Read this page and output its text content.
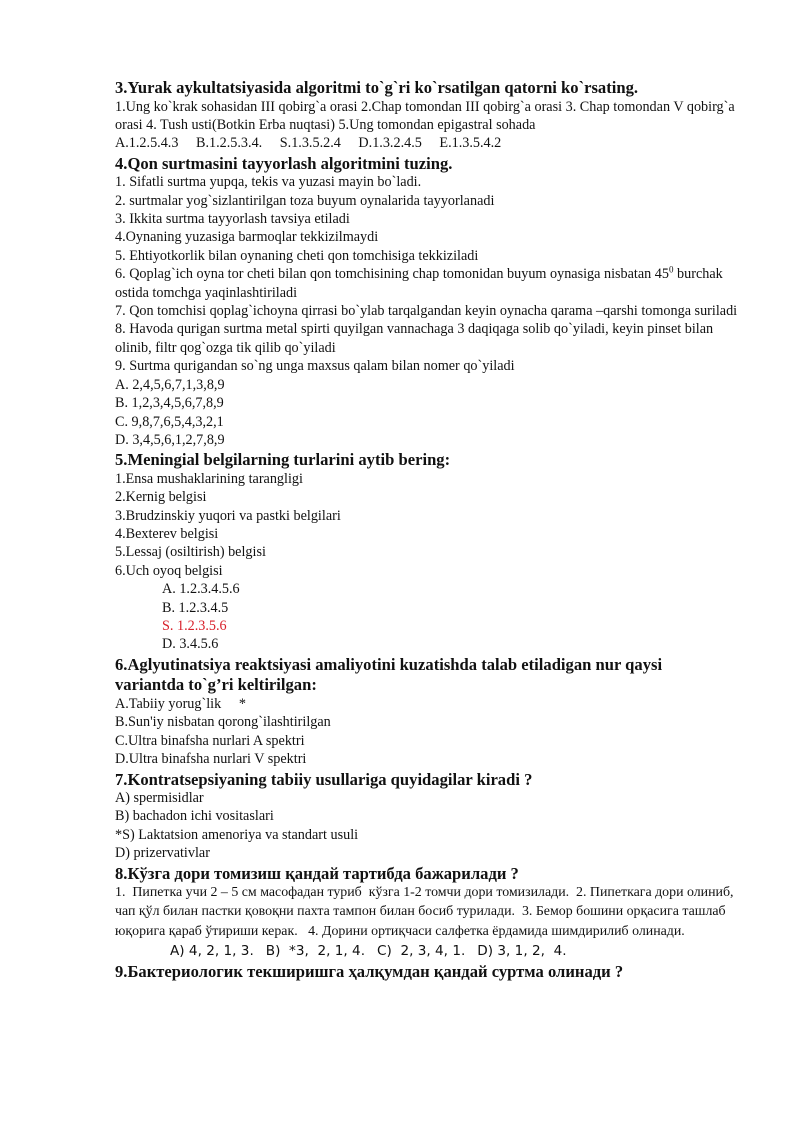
3.Yurak aykultatsiyasida algoritmi to`g`ri ko`rsatilgan qatorni ko`rsating.
1.Ung ko`krak sohasidan III qobirg`a orasi 2.Chap tomondan III qobirg`a orasi 3. Chap tomondan V qobirg`a orasi 4. Tush usti(Botkin Erba nuqtasi) 5.Ung tomondan epigastral sohada
A.1.2.5.4.3 B.1.2.5.3.4. S.1.3.5.2.4 D.1.3.2.4.5 E.1.3.5.4.2
4.Qon surtmasini tayyorlash algoritmini tuzing.
1. Sifatli surtma yupqa, tekis va yuzasi mayin bo`ladi.
2. surtmalar yog`sizlantirilgan toza buyum oynalarida tayyorlanadi
3. Ikkita surtma tayyorlash tavsiya etiladi
4.Oynaning yuzasiga barmoqlar tekkizilmaydi
5. Ehtiyotkorlik bilan oynaning cheti qon tomchisiga tekkiziladi
6. Qoplag`ich oyna tor cheti bilan qon tomchisining chap tomonidan buyum oynasiga nisbatan $45^0$ burchak ostida tomchga yaqinlashtiriladi
7. Qon tomchisi qoplag`ichoyna qirrasi bo`ylab tarqalgandan keyin oynacha qarama –qarshi tomonga suriladi
8. Havoda qurigan surtma metal spirti quyilgan vannachaga 3 daqiqaga solib qo`yiladi, keyin pinset bilan olinib, filtr qog`ozga tik qilib qo`yiladi
9. Surtma qurigandan so`ng unga maxsus qalam bilan nomer qo`yiladi
A. 2,4,5,6,7,1,3,8,9
B. 1,2,3,4,5,6,7,8,9
C. 9,8,7,6,5,4,3,2,1
D. 3,4,5,6,1,2,7,8,9
5.Meningial belgilarning turlarini aytib bering:
1.Ensa mushaklarining tarangligi
2.Kernig belgisi
3.Brudzinskiy yuqori va pastki belgilari
4.Bexterev belgisi
5.Lessaj (osiltirish) belgisi
6.Uch oyoq belgisi
A. 1.2.3.4.5.6
B. 1.2.3.4.5
S. 1.2.3.5.6
D. 3.4.5.6
6.Aglyutinatsiya reaktsiyasi amaliyotini kuzatishda talab etiladigan nur qaysi
variantda to`g’ri keltirilgan:
A.Tabiiy yorug`lik     *
B.Sun'iy nisbatan qorong`ilashtirilgan
C.Ultra binafsha nurlari A spektri
D.Ultra binafsha nurlari V spektri
7.Kontratsepsiyaning tabiiy usullariga quyidagilar kiradi ?
A) spermisidlar
B) bachadon ichi vositaslari
*S) Laktatsion amenoriya va standart usuli
D) prizervativlar
8.Кўзга дори томизиш қандай тартибда бажарилади ?
1.  Пипетка учи 2 – 5 см масофадан туриб  кўзга 1-2 томчи дори томизилади.  2. Пипеткага дори олиниб, чап қўл билан пастки қовоқни пахта тампон билан босиб турилади.  3. Бемор бошини орқасига ташлаб юқорига қараб ўтириши керак.   4. Дорини ортиқчаси салфетка ёрдамида шимдирилиб олинади.
A) 4, 2, 1, 3. B)  *3,  2, 1, 4. C)  2, 3, 4, 1. D) 3, 1, 2,  4.
9.Бактериологик текширишга ҳалқумдан қандай суртма олинади ?
